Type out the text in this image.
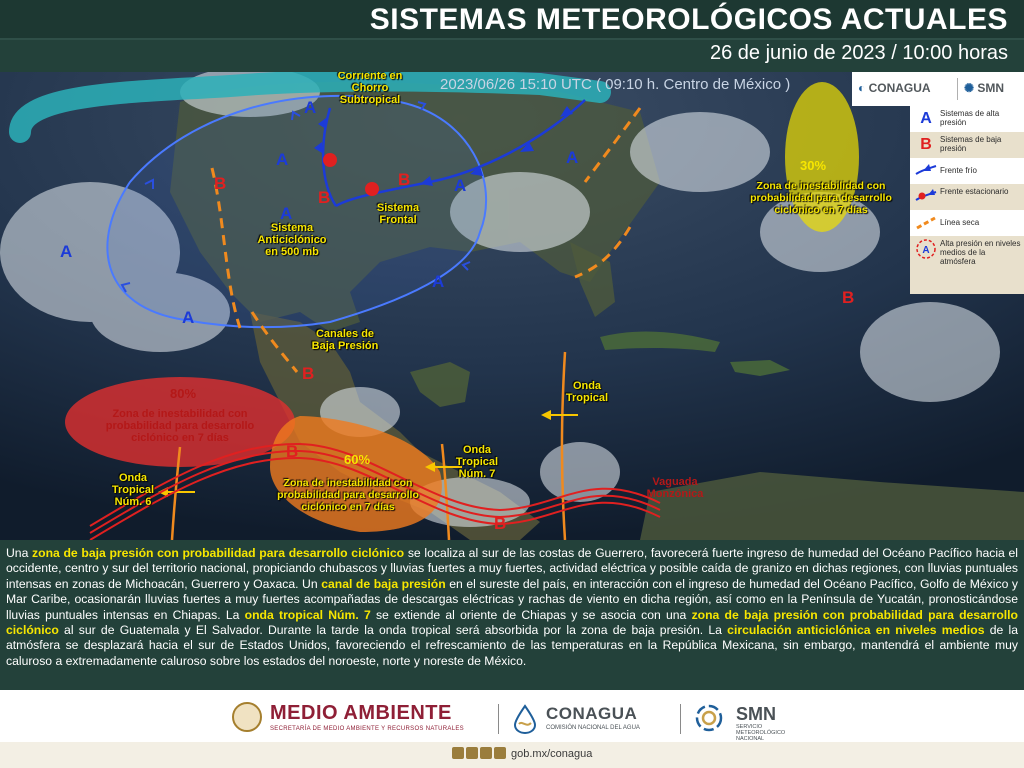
SISTEMAS METEOROLÓGICOS ACTUALES
26 de junio de 2023 / 10:00 horas
2023/06/26 15:10 UTC ( 09:10 h. Centro de México )
Corriente en
Chorro Subtropical
Sistema
Frontal
Sistema
Anticiclónico
en 500 mb
Canales de
Baja Presión
Onda
Tropical
Onda
Tropical
Núm. 7
Onda
Tropical
Núm. 6
Vaguada
Monzónica
Zona de inestabilidad con
probabilidad para desarrollo
ciclónico en 7 días
Zona de inestabilidad con
probabilidad para desarrollo
ciclónico en 7 días
Zona de inestabilidad con
probabilidad para desarrollo
ciclónico en 7 días
80%
60%
30%
A
A
A
A
A
A
A
A
B
B
B
B
B
B
B
◐ CONAGUA	✺ SMN
A	Sistemas de alta presión
B	Sistemas de baja presión
Frente frío
Frente estacionario
Línea seca
A
Alta presión en niveles medios de la atmósfera

Una zona de baja presión con probabilidad para desarrollo ciclónico se localiza al sur de las costas de Guerrero, favorecerá fuerte ingreso de humedad del Océano Pacífico hacia el occidente, centro y sur del territorio nacional, propiciando chubascos y lluvias fuertes a muy fuertes, actividad eléctrica y posible caída de granizo en dichas regiones, con lluvias puntuales intensas en zonas de Michoacán, Guerrero y Oaxaca. Un canal de baja presión en el sureste del país, en interacción con el ingreso de humedad del Océano Pacífico, Golfo de México y Mar Caribe, ocasionarán lluvias fuertes a muy fuertes acompañadas de descargas eléctricas y rachas de viento en dicha región, así como en la Península de Yucatán, pronosticándose lluvias puntuales intensas en Chiapas. La onda tropical Núm. 7 se extiende al oriente de Chiapas y se asocia con una zona de baja presión con probabilidad para desarrollo ciclónico al sur de Guatemala y El Salvador. Durante la tarde la onda tropical será absorbida por la zona de baja presión. La circulación anticiclónica en niveles medios de la atmósfera se desplazará hacia el sur de Estados Unidos, favoreciendo el refrescamiento de las temperaturas en la República Mexicana, sin embargo, mantendrá el ambiente muy caluroso a extremadamente caluroso sobre los estados del noroeste, norte y noreste de México.

MEDIO AMBIENTE
SECRETARÍA DE MEDIO AMBIENTE Y RECURSOS NATURALES
CONAGUA
COMISIÓN NACIONAL DEL AGUA
SMN
SERVICIO METEOROLÓGICO NACIONAL
gob.mx/conagua
